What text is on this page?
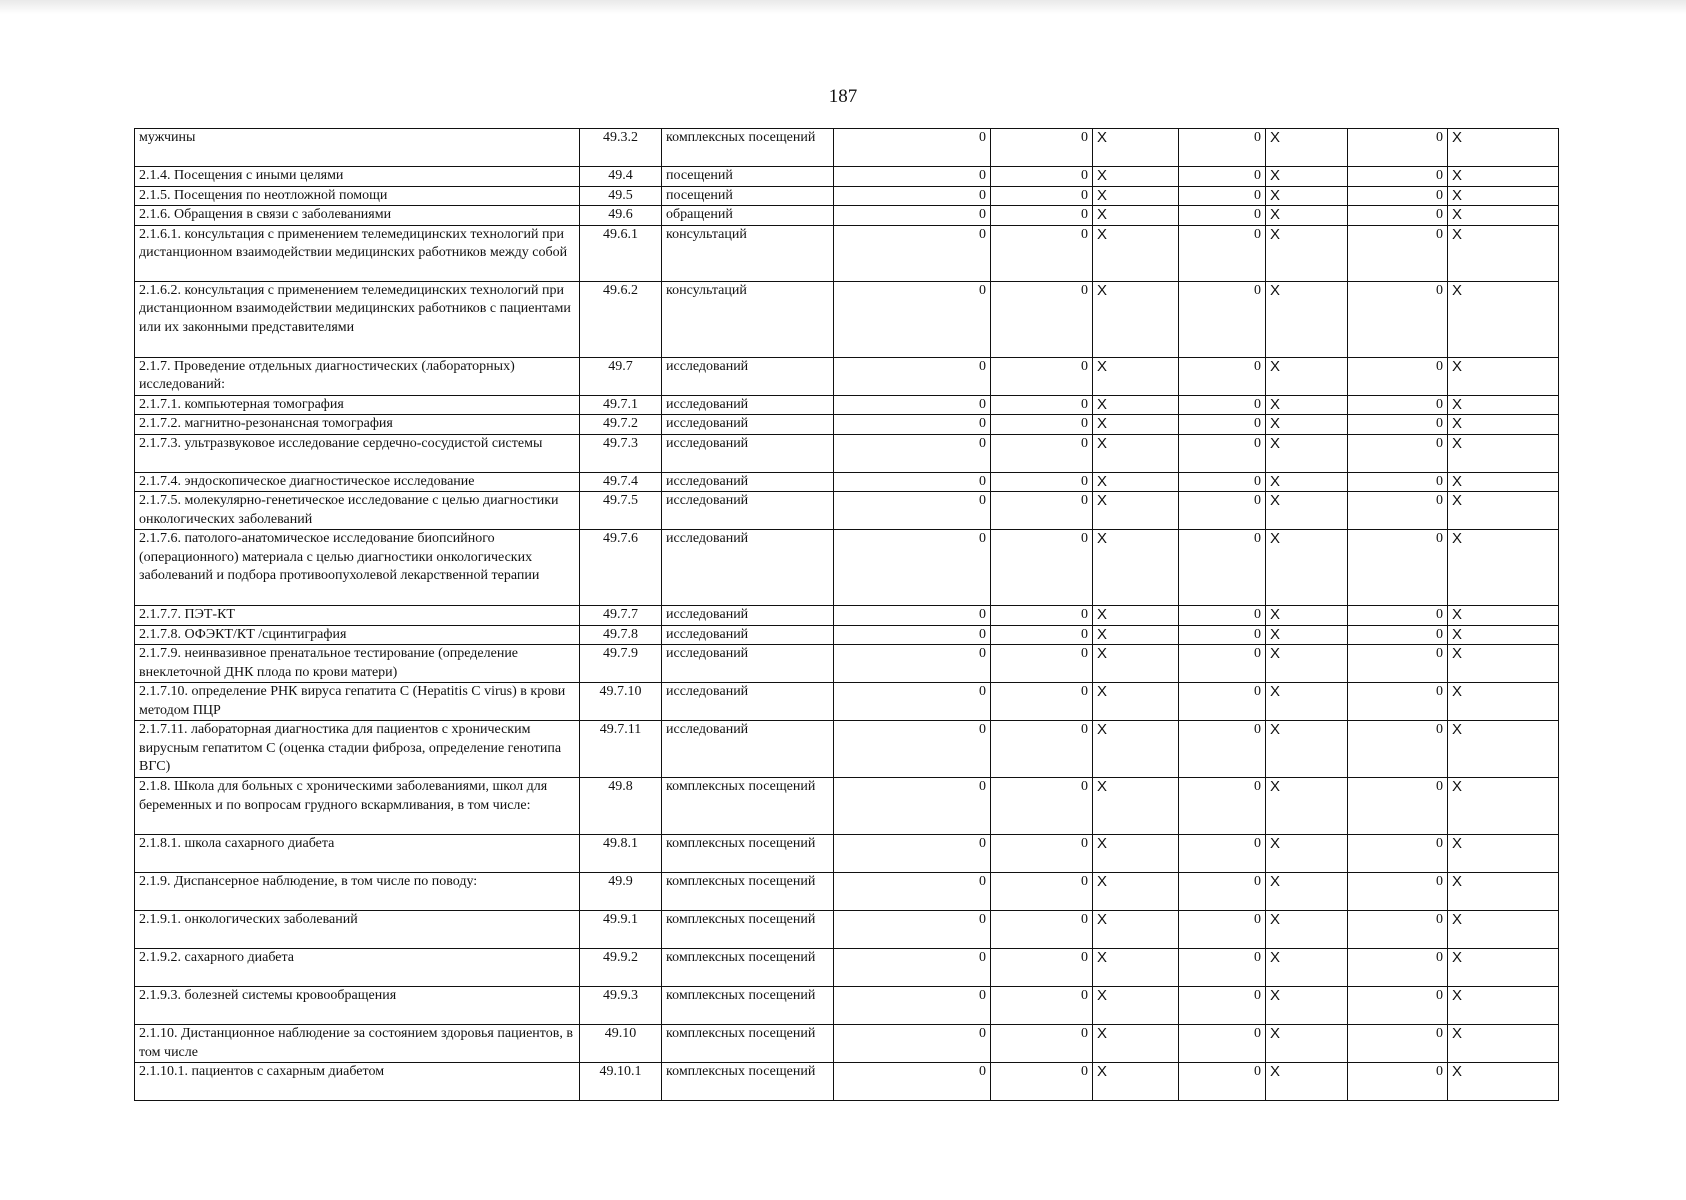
187
мужчины	49.3.2	комплексных посещений	0	0	X	0	X	0	X
2.1.4. Посещения с иными целями	49.4	посещений	0	0	X	0	X	0	X
2.1.5. Посещения по неотложной помощи	49.5	посещений	0	0	X	0	X	0	X
2.1.6. Обращения в связи с заболеваниями	49.6	обращений	0	0	X	0	X	0	X
2.1.6.1. консультация с применением телемедицинских технологий при дистанционном взаимодействии медицинских работников между собой	49.6.1	консультаций	0	0	X	0	X	0	X
2.1.6.2. консультация с применением телемедицинских технологий при дистанционном взаимодействии медицинских работников с пациентами или их законными представителями	49.6.2	консультаций	0	0	X	0	X	0	X
2.1.7. Проведение отдельных диагностических (лабораторных) исследований:	49.7	исследований	0	0	X	0	X	0	X
2.1.7.1. компьютерная томография	49.7.1	исследований	0	0	X	0	X	0	X
2.1.7.2. магнитно-резонансная томография	49.7.2	исследований	0	0	X	0	X	0	X
2.1.7.3. ультразвуковое исследование сердечно-сосудистой системы	49.7.3	исследований	0	0	X	0	X	0	X
2.1.7.4. эндоскопическое диагностическое исследование	49.7.4	исследований	0	0	X	0	X	0	X
2.1.7.5. молекулярно-генетическое исследование с целью диагностики онкологических заболеваний	49.7.5	исследований	0	0	X	0	X	0	X
2.1.7.6. патолого-анатомическое исследование биопсийного (операционного) материала с целью диагностики онкологических заболеваний и подбора противоопухолевой лекарственной терапии	49.7.6	исследований	0	0	X	0	X	0	X
2.1.7.7. ПЭТ-КТ	49.7.7	исследований	0	0	X	0	X	0	X
2.1.7.8. ОФЭКТ/КТ /сцинтиграфия	49.7.8	исследований	0	0	X	0	X	0	X
2.1.7.9. неинвазивное пренатальное тестирование (определение внеклеточной ДНК плода по крови матери)	49.7.9	исследований	0	0	X	0	X	0	X
2.1.7.10. определение РНК вируса гепатита С (Hepatitis C virus) в крови методом ПЦР	49.7.10	исследований	0	0	X	0	X	0	X
2.1.7.11. лабораторная диагностика для пациентов с хроническим вирусным гепатитом С (оценка стадии фиброза, определение генотипа ВГС)	49.7.11	исследований	0	0	X	0	X	0	X
2.1.8. Школа для больных с хроническими заболеваниями, школ для беременных и по вопросам грудного вскармливания, в том числе:	49.8	комплексных посещений	0	0	X	0	X	0	X
2.1.8.1. школа сахарного диабета	49.8.1	комплексных посещений	0	0	X	0	X	0	X
2.1.9. Диспансерное наблюдение, в том числе по поводу:	49.9	комплексных посещений	0	0	X	0	X	0	X
2.1.9.1. онкологических заболеваний	49.9.1	комплексных посещений	0	0	X	0	X	0	X
2.1.9.2. сахарного диабета	49.9.2	комплексных посещений	0	0	X	0	X	0	X
2.1.9.3. болезней системы кровообращения	49.9.3	комплексных посещений	0	0	X	0	X	0	X
2.1.10. Дистанционное наблюдение за состоянием здоровья пациентов, в том числе	49.10	комплексных посещений	0	0	X	0	X	0	X
2.1.10.1. пациентов с сахарным диабетом	49.10.1	комплексных посещений	0	0	X	0	X	0	X
